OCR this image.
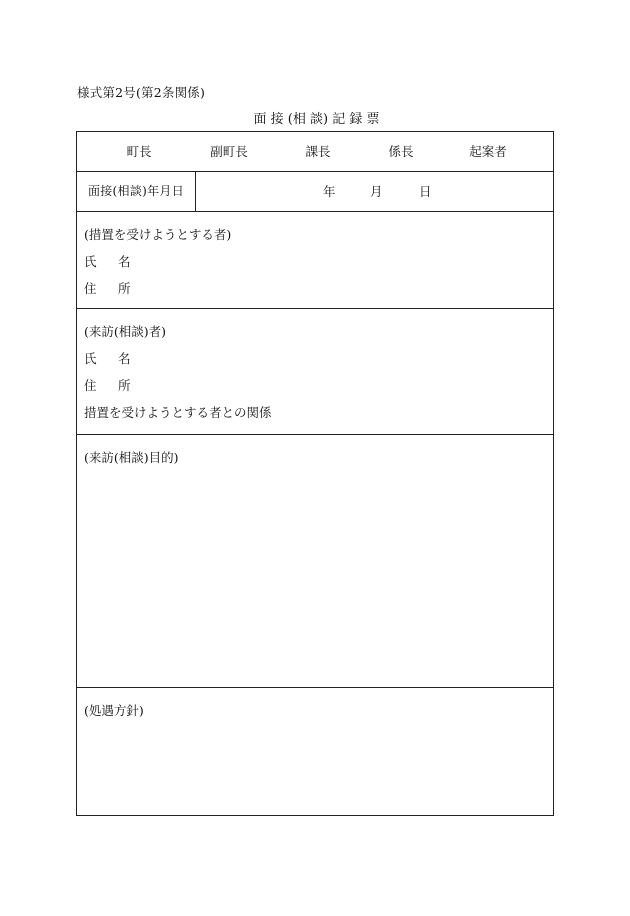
様式第2号(第2条関係)
面 接 (相 談) 記 録 票
町長	副町長	課長	係長	起案者
面接(相談)年月日	年	月	日
(措置を受けようとする者)
氏 名
住 所
(来訪(相談)者)
氏 名
住 所
措置を受けようとする者との関係
(来訪(相談)目的)
(処遇方針)
